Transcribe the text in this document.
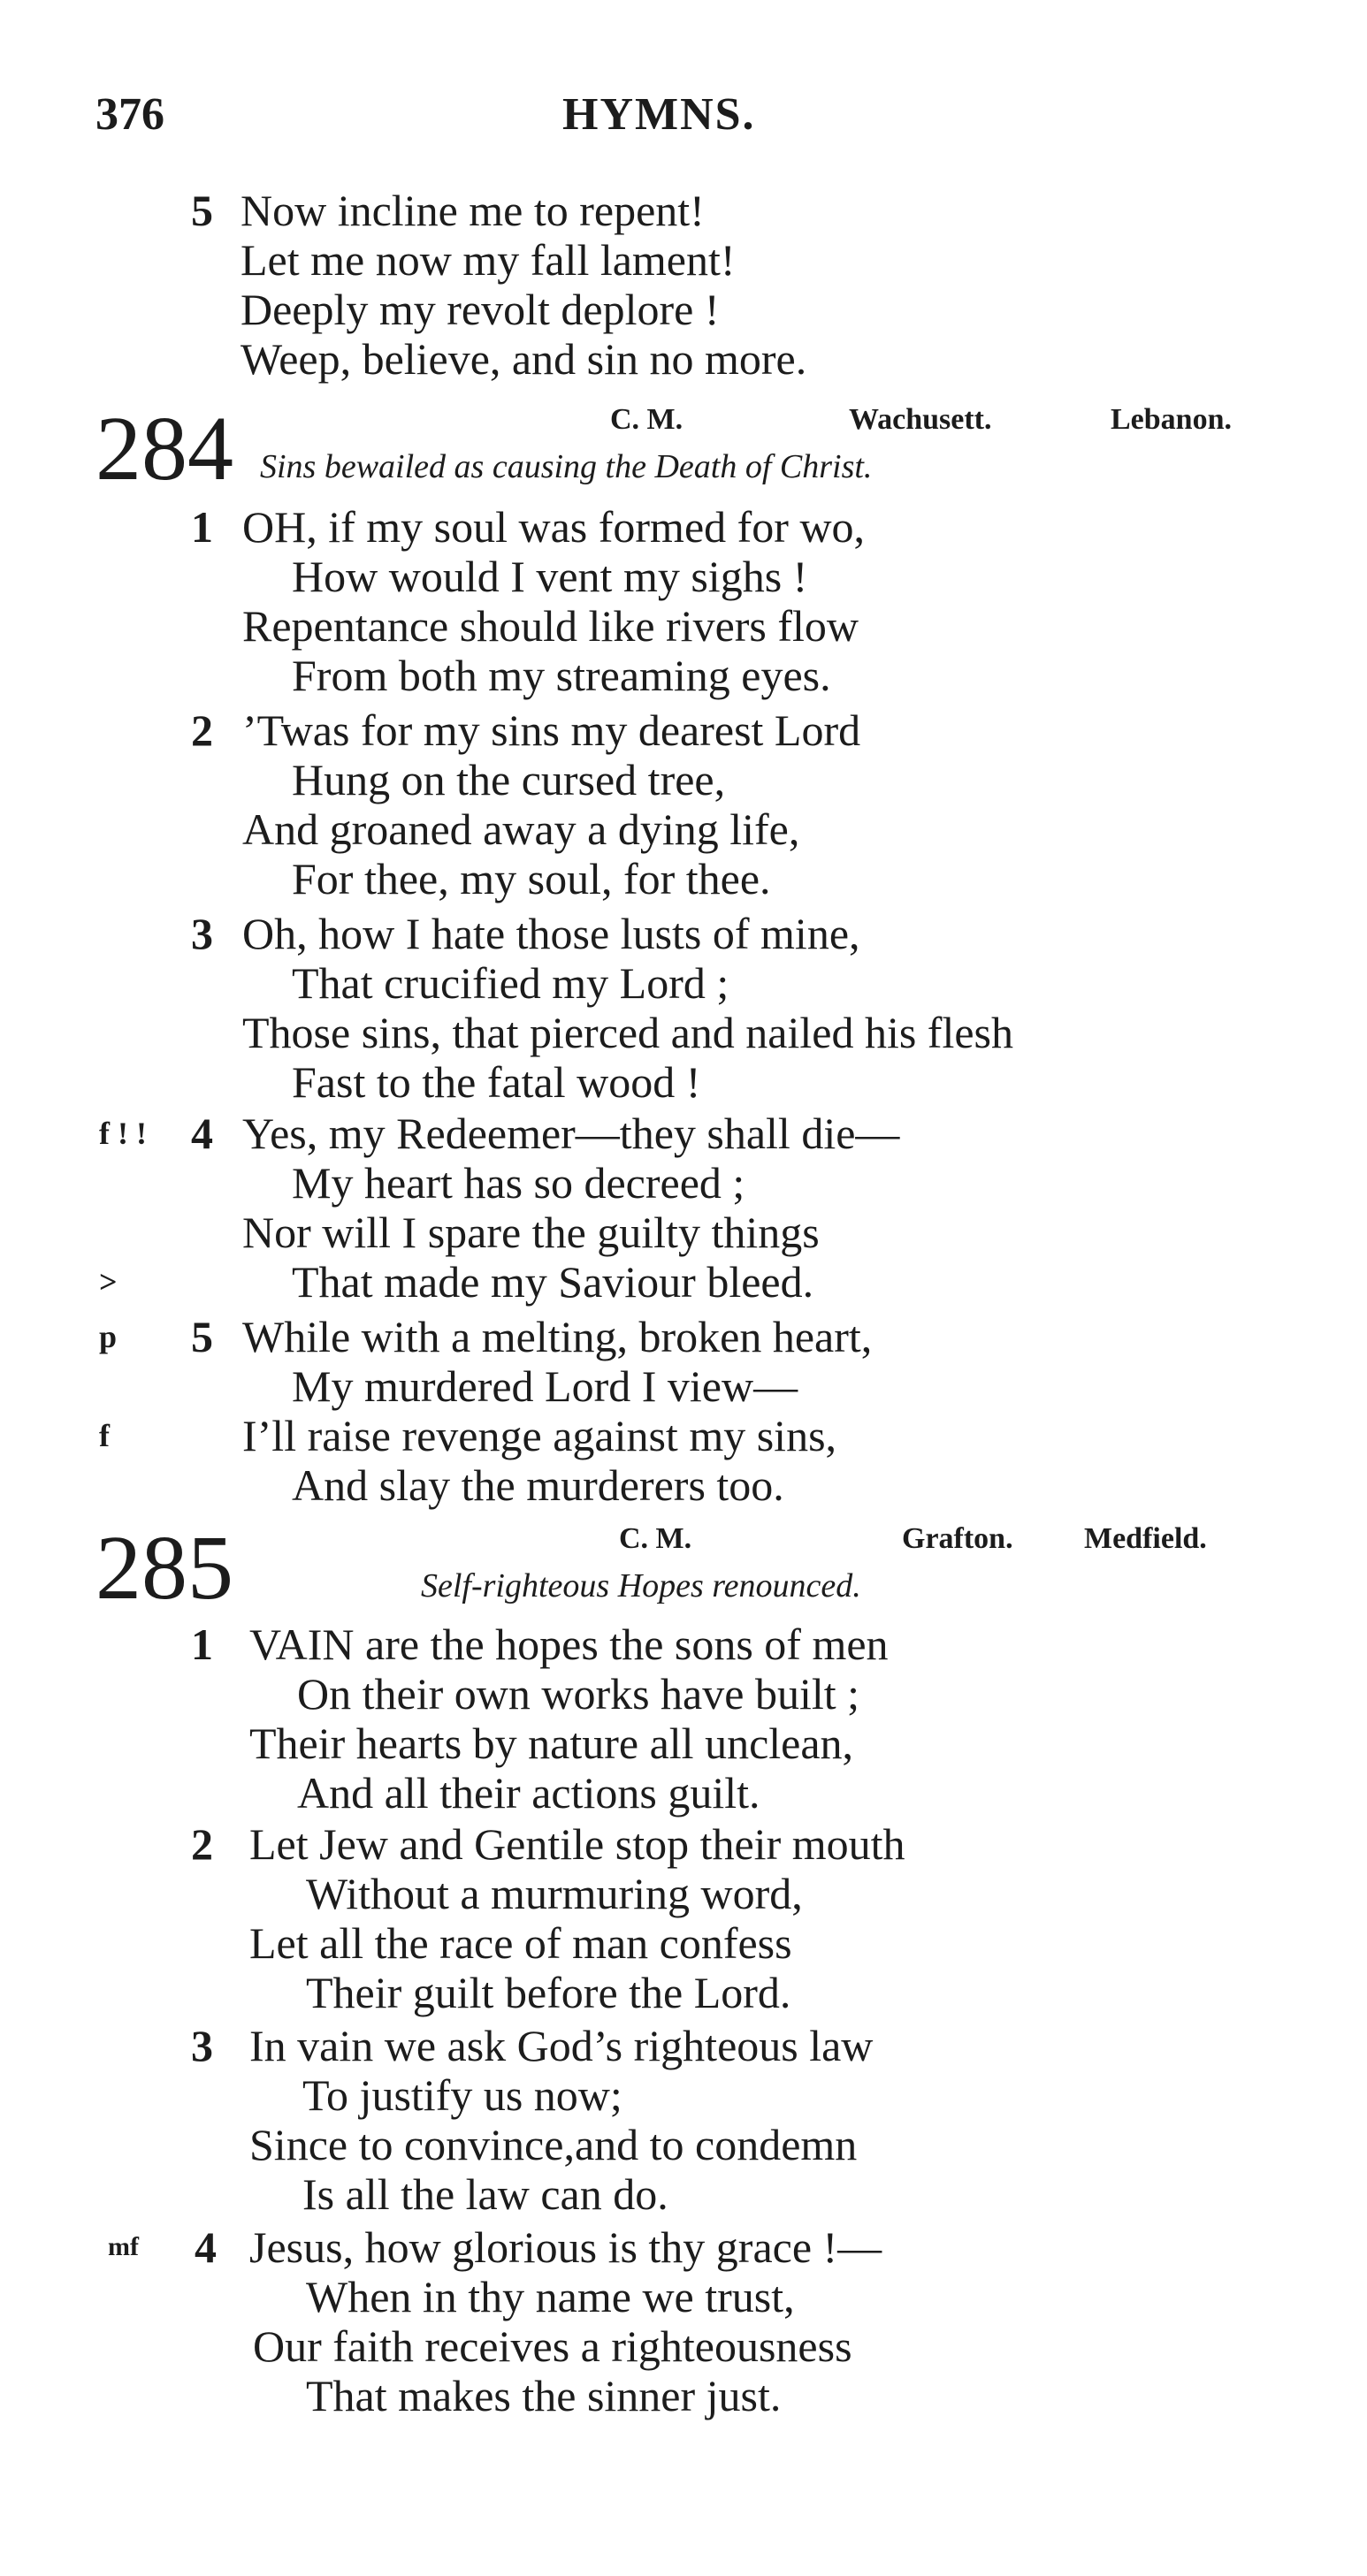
376	HYMNS.
5 Now incline me to repent!
Let me now my fall lament!
Deeply my revolt deplore !
Weep, believe, and sin no more.
284	C. M.	Wachusett.	Lebanon.
Sins bewailed as causing the Death of Christ.
1 OH, if my soul was formed for wo,
How would I vent my sighs !
Repentance should like rivers flow
From both my streaming eyes.
2 ’Twas for my sins my dearest Lord
Hung on the cursed tree,
And groaned away a dying life,
For thee, my soul, for thee.
3 Oh, how I hate those lusts of mine,
That crucified my Lord ;
Those sins, that pierced and nailed his flesh
Fast to the fatal wood !
f ! ! 4 Yes, my Redeemer—they shall die—
My heart has so decreed ;
Nor will I spare the guilty things
>	That made my Saviour bleed.
p 5 While with a melting, broken heart,
My murdered Lord I view—
f	I’ll raise revenge against my sins,
And slay the murderers too.
285	C. M.	Grafton. Medfield.
Self-righteous Hopes renounced.
1 VAIN are the hopes the sons of men
On their own works have built ;
Their hearts by nature all unclean,
And all their actions guilt.
2 Let Jew and Gentile stop their mouth
Without a murmuring word,
Let all the race of man confess
Their guilt before the Lord.
3 In vain we ask God’s righteous law
To justify us now;
Since to convince,and to condemn
Is all the law can do.
mf 4 Jesus, how glorious is thy grace !—
When in thy name we trust,
Our faith receives a righteousness
That makes the sinner just.
